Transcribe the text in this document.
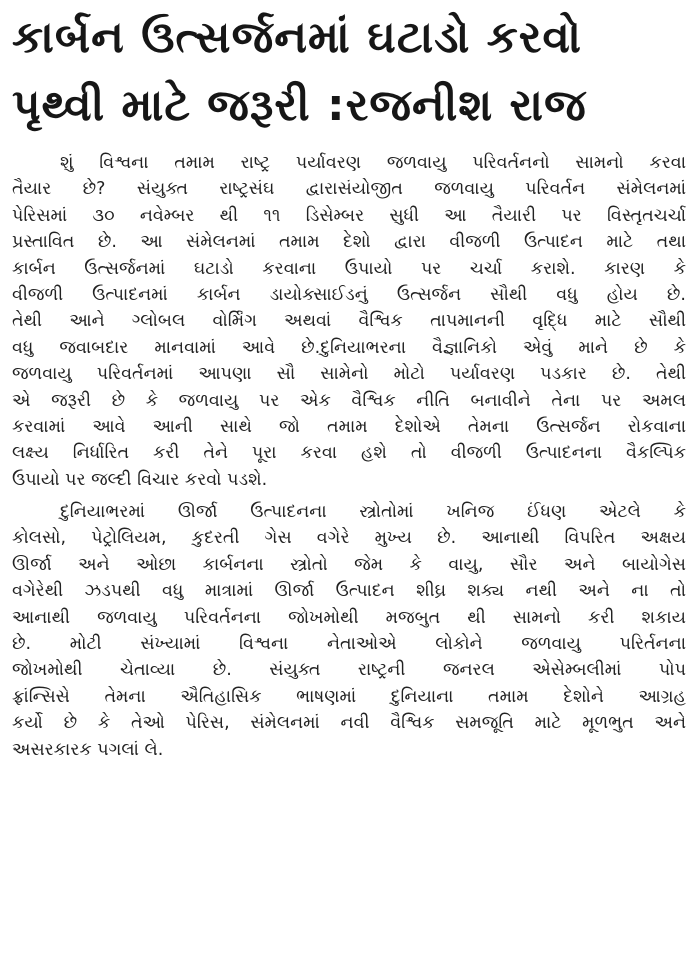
કાર્બન ઉત્સર્જનમાં ઘટાડો કરવો
પૃથ્વી માટે જરૂરી :રજનીશ રાજ

શું વિશ્વના તમામ રાષ્ટ્ર પર્યાવરણ જળવાયુ પરિવર્તનનો સામનો કરવા
તૈયાર છે? સંયુક્ત રાષ્ટ્રસંઘ દ્વારાસંયોજીત જળવાયુ પરિવર્તન સંમેલનમાં
પેરિસમાં ૩૦ નવેમ્બર થી ૧૧ ડિસેમ્બર સુધી આ તૈયારી પર વિસ્તૃતચર્ચા
પ્રસ્તાવિત છે. આ સંમેલનમાં તમામ દેશો દ્વારા વીજળી ઉત્પાદન માટે તથા
કાર્બન ઉત્સર્જનમાં ઘટાડો કરવાના ઉપાયો પર ચર્ચા કરાશે. કારણ કે
વીજળી ઉત્પાદનમાં કાર્બન ડાયોક્સાઈડનું ઉત્સર્જન સૌથી વધુ હોય છે.
તેથી આને ગ્લોબલ વોર્મિંગ અથવાં વૈશ્વિક તાપમાનની વૃદ્ધિ માટે સૌથી
વધુ જવાબદાર માનવામાં આવે છે.દુનિયાભરના વૈજ્ઞાનિકો એવું માને છે કે
જળવાયુ પરિવર્તનમાં આપણા સૌ સામેનો મોટો પર્યાવરણ પડકાર છે. તેથી
એ જરૂરી છે કે જળવાયુ પર એક વૈશ્વિક નીતિ બનાવીને તેના પર અમલ
કરવામાં આવે આની સાથે જો તમામ દેશોએ તેમના ઉત્સર્જન રોકવાના
લક્ષ્ય નિર્ધારિત કરી તેને પૂરા કરવા હશે તો વીજળી ઉત્પાદનના વૈકલ્પિક
ઉપાયો પર જલ્દી વિચાર કરવો પડશે.

દુનિયાભરમાં ઊર્જા ઉત્પાદનના સ્ત્રોતોમાં ખનિજ ઈંધણ એટલે કે
કોલસો, પેટ્રોલિયમ, કુદરતી ગેસ વગેરે મુખ્ય છે. આનાથી વિપરિત અક્ષય
ઊર્જા અને ઓછા કાર્બનના સ્ત્રોતો જેમ કે વાયુ, સૌર અને બાયોગેસ
વગેરેથી ઝડપથી વધુ માત્રામાં ઊર્જા ઉત્પાદન શીઘ્ર શક્ય નથી અને ના તો
આનાથી જળવાયુ પરિવર્તનના જોખમોથી મજબુત થી સામનો કરી શકાય
છે. મોટી સંખ્યામાં વિશ્વના નેતાઓએ લોકોને જળવાયુ પરિર્તનના
જોખમોથી ચેતાવ્યા છે. સંયુક્ત રાષ્ટ્રની જનરલ એસેમ્બલીમાં પોપ
ફ્રાંન્સિસે તેમના ઐતિહાસિક ભાષણમાં દુનિયાના તમામ દેશોને આગ્રહ
કર્યો છે કે તેઓ પેરિસ, સંમેલનમાં નવી વૈશ્વિક સમજૂતિ માટે મૂળભુત અને
અસરકારક પગલાં લે.
